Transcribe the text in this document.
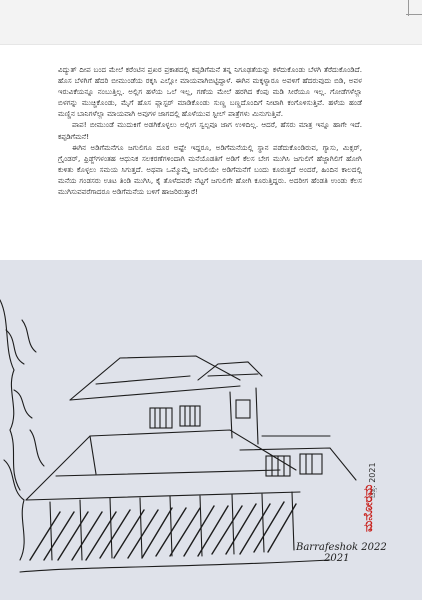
ವಿದ್ಯುತ್ ದೀಪ ಬಂದ ಮೇಲೆ ಕರೆಂಟಿನ ಪ್ರಖರ ಪ್ರಕಾಶದಲ್ಲಿ ಕಪ್ಪಡಿಗೆಮನೆ ತನ್ನ ನಿಗೂಢತೆಯನ್ನು ಕಳೆದುಕೊಂಡು ಬೆಳಗಿ ತೆರೆದುಕೊಂಡಿದೆ. ಹೊಸ ಬೆಳಗಿಗೆ ಹೆದರಿ ಬೀಮುಂಡೆಯ ರಕ್ಕಸಿ ಎಲ್ಲೋ ಮಾಯವಾಗಿಬಿಟ್ಟಿದ್ದಾಳೆ. ಈಗಿನ ಮಕ್ಕಳ್ಯಾರೂ ಅವಳಿಗೆ ಹೆದರುವುದು ಬಿಡಿ, ಅವಳ ಇರುವಿಕೆಯನ್ನೂ ನಂಬುತ್ತಿಲ್ಲ. ಅಲ್ಲಿಗ ಹಳೆಯ ಒಲೆ ಇಲ್ಲ, ಗಣೆಯ ಮೇಲೆ ಹರಗಿದ ಕೆಂಪು ಮಡಿ ಸೀರೆಯೂ ಇಲ್ಲ. ಗೋಡೆಗಳೆಲ್ಲಾ ಬಿಳಗನ್ನು ಮುಚ್ಚಿಕೊಂಡು, ಮೈಗೆ ಹೊಸ ಪ್ಲಾಸ್ಟರ್ ಮಾಡಿಕೊಂಡು ಸುಣ್ಣ ಬಣ್ಣದೊಂದಿಗೆ ನೀಟಾಗಿ ಕಂಗೊಳಿಸುತ್ತಿವೆ. ಹಳೆಯ ಹಂಡೆ ಮಣ್ಣಿನ ಬಾನಿಗಳೆಲ್ಲಾ ಮಾಯವಾಗಿ ಅವುಗಳ ಜಾಗದಲ್ಲಿ ಹೊಳೆಯುವ ಸ್ಟೀಲ್ ಪಾತ್ರೆಗಳು ಮಿನುಗುತ್ತಿವೆ.

ಪಾಪ! ಬೀಮುಂಡೆ ಮುದುಕಿಗೆ ಅಡಗಿಕೊಳ್ಳಲು ಅಲ್ಲೀಗ ಸ್ವಲ್ಪವೂ ಜಾಗ ಉಳಿದಿಲ್ಲ. ಆದರೆ, ಹೆಸರು ಮಾತ್ರ ಇನ್ನೂ ಹಾಗೇ ಇದೆ. ಕಪ್ಪಡಿಗೆಮನೆ!

ಈಗಿನ ಅಡಿಗೆಮನೆಗೂ ಜಗುಲಿಗೂ ದೂರ ಅಷ್ಟೇ ಇದ್ದರೂ, ಅಡಿಗೆಮನೆಯಲ್ಲಿ ಸ್ಥಾನ ಪಡೆದುಕೊಂಡಿರುವ, ಗ್ಯಾಸು, ಮಿಕ್ಸರ್, ಗ್ರೈಂಡರ್, ಫ್ರಿಡ್ಜ್‌ಗಳಂತಹ ಆಧುನಿಕ ಸಲಕರಣೆಗಳಿಂದಾಗಿ ಮನೆಯೊಡತಿಗೆ ಅಡಿಗೆ ಕೆಲಸ ಬೇಗ ಮುಗಿಸಿ ಜಗುಲಿಗೆ ಹೆಜ್ಜಾಗಿಲಿಗೆ ಹೋಗಿ ಕುಳಿತು ಕೊಳ್ಳಲು ಸಮಯ ಸಿಗುತ್ತದೆ. ಅಥವಾ ಒಮ್ಮೊಮ್ಮೆ ಜಗುಲಿಯೇ ಅಡಿಗೆಮನೆಗೆ ಬಂದು ಕೂರುತ್ತದೆ ಅಂದರೆ, ಹಿಂದಿನ ಕಾಲದಲ್ಲಿ ಮನೆಯ ಗಂಡಸರು ಊಟ ತಿಂಡಿ ಮುಗಿಸಿ, ಕೈ ತೊಳೆದವರೇ ನೆಟ್ಟಗೆ ಜಗುಲಿಗೇ ಹೋಗಿ ಕೂರುತ್ತಿದ್ದರು. ಅದರೀಗ ಹೆಂಡತಿ ಉಂಡು ಕೆಲಸ ಮುಗಿಸುವವರೆಗಾದರೂ ಅಡಿಗೆಮನೆಯ ಬಳಿಗೆ ಹಾಜರಿರುತ್ತಾರೆ!

ಚಿತ್ರ: 2021
ಮನೋರಮ
Barrafeshok 2022
2021
